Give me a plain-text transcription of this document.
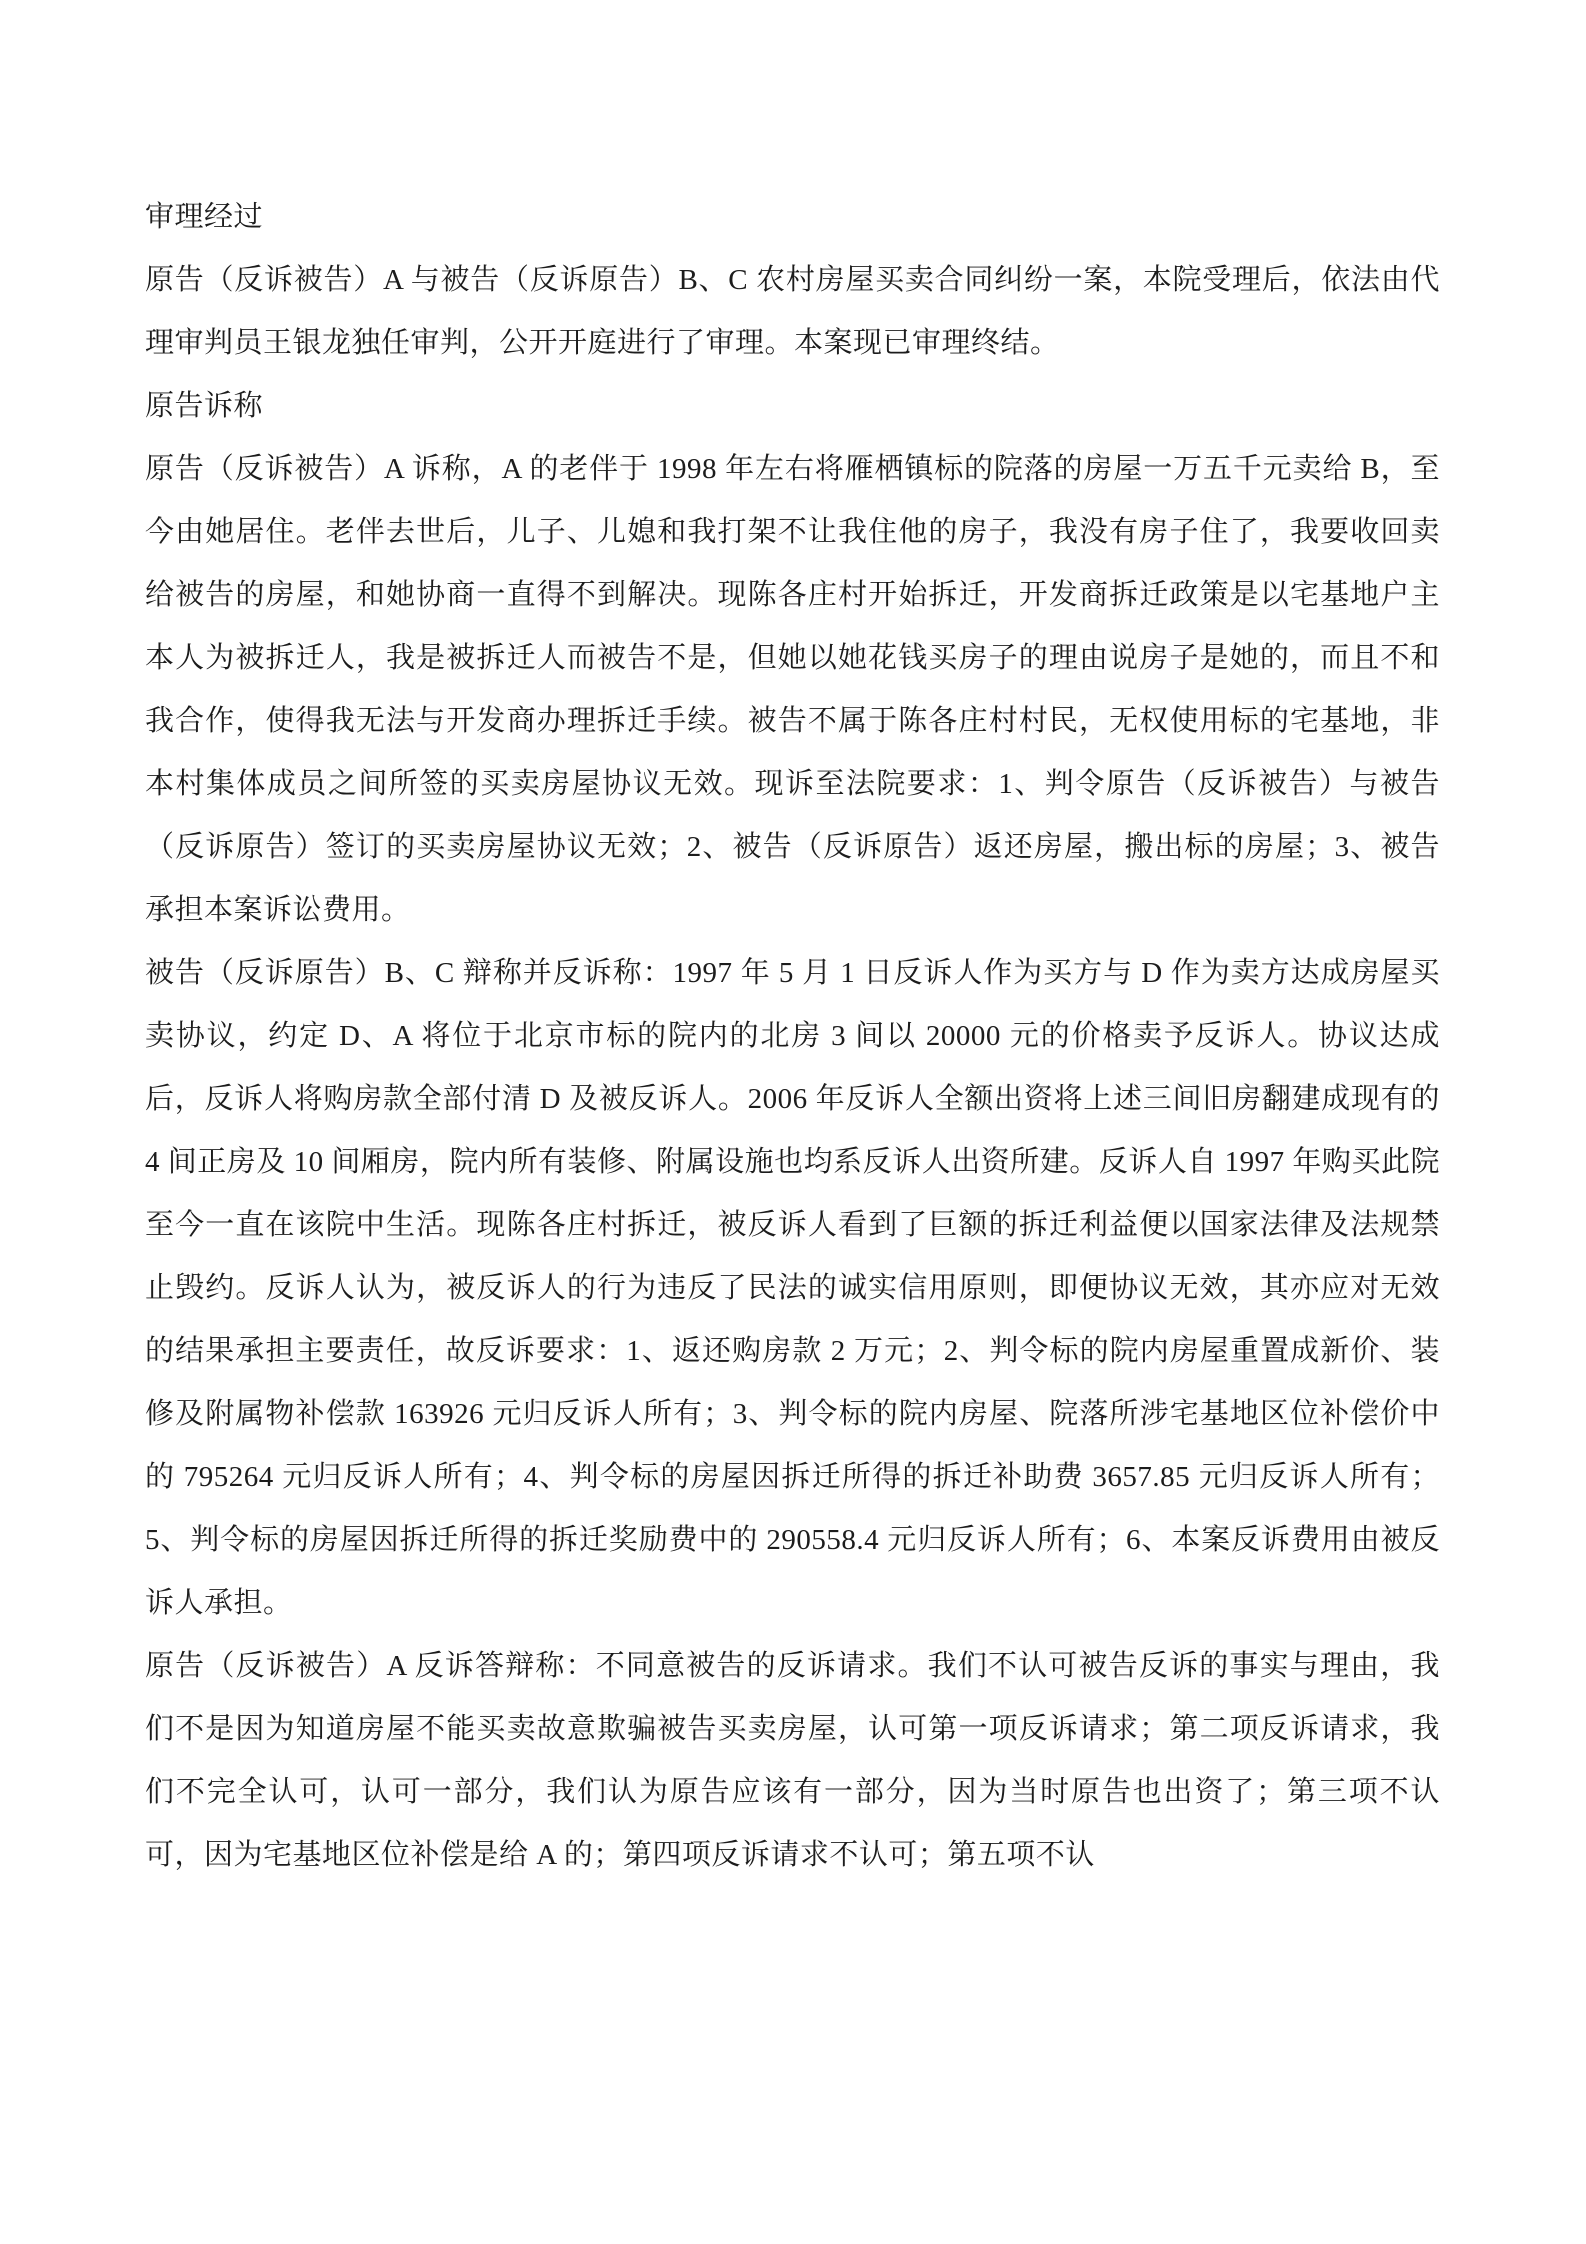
审理经过

原告（反诉被告）A 与被告（反诉原告）B、C 农村房屋买卖合同纠纷一案，本院受理后，依法由代理审判员王银龙独任审判，公开开庭进行了审理。本案现已审理终结。

原告诉称

原告（反诉被告）A 诉称，A 的老伴于 1998 年左右将雁栖镇标的院落的房屋一万五千元卖给 B，至今由她居住。老伴去世后，儿子、儿媳和我打架不让我住他的房子，我没有房子住了，我要收回卖给被告的房屋，和她协商一直得不到解决。现陈各庄村开始拆迁，开发商拆迁政策是以宅基地户主本人为被拆迁人，我是被拆迁人而被告不是，但她以她花钱买房子的理由说房子是她的，而且不和我合作，使得我无法与开发商办理拆迁手续。被告不属于陈各庄村村民，无权使用标的宅基地，非本村集体成员之间所签的买卖房屋协议无效。现诉至法院要求：1、判令原告（反诉被告）与被告（反诉原告）签订的买卖房屋协议无效；2、被告（反诉原告）返还房屋，搬出标的房屋；3、被告承担本案诉讼费用。

被告（反诉原告）B、C 辩称并反诉称：1997 年 5 月 1 日反诉人作为买方与 D 作为卖方达成房屋买卖协议，约定 D、A 将位于北京市标的院内的北房 3 间以 20000 元的价格卖予反诉人。协议达成后，反诉人将购房款全部付清 D 及被反诉人。2006 年反诉人全额出资将上述三间旧房翻建成现有的 4 间正房及 10 间厢房，院内所有装修、附属设施也均系反诉人出资所建。反诉人自 1997 年购买此院至今一直在该院中生活。现陈各庄村拆迁，被反诉人看到了巨额的拆迁利益便以国家法律及法规禁止毁约。反诉人认为，被反诉人的行为违反了民法的诚实信用原则，即便协议无效，其亦应对无效的结果承担主要责任，故反诉要求：1、返还购房款 2 万元；2、判令标的院内房屋重置成新价、装修及附属物补偿款 163926 元归反诉人所有；3、判令标的院内房屋、院落所涉宅基地区位补偿价中的 795264 元归反诉人所有；4、判令标的房屋因拆迁所得的拆迁补助费 3657.85 元归反诉人所有；5、判令标的房屋因拆迁所得的拆迁奖励费中的 290558.4 元归反诉人所有；6、本案反诉费用由被反诉人承担。

原告（反诉被告）A 反诉答辩称：不同意被告的反诉请求。我们不认可被告反诉的事实与理由，我们不是因为知道房屋不能买卖故意欺骗被告买卖房屋，认可第一项反诉请求；第二项反诉请求，我们不完全认可，认可一部分，我们认为原告应该有一部分，因为当时原告也出资了；第三项不认可，因为宅基地区位补偿是给 A 的；第四项反诉请求不认可；第五项不认
